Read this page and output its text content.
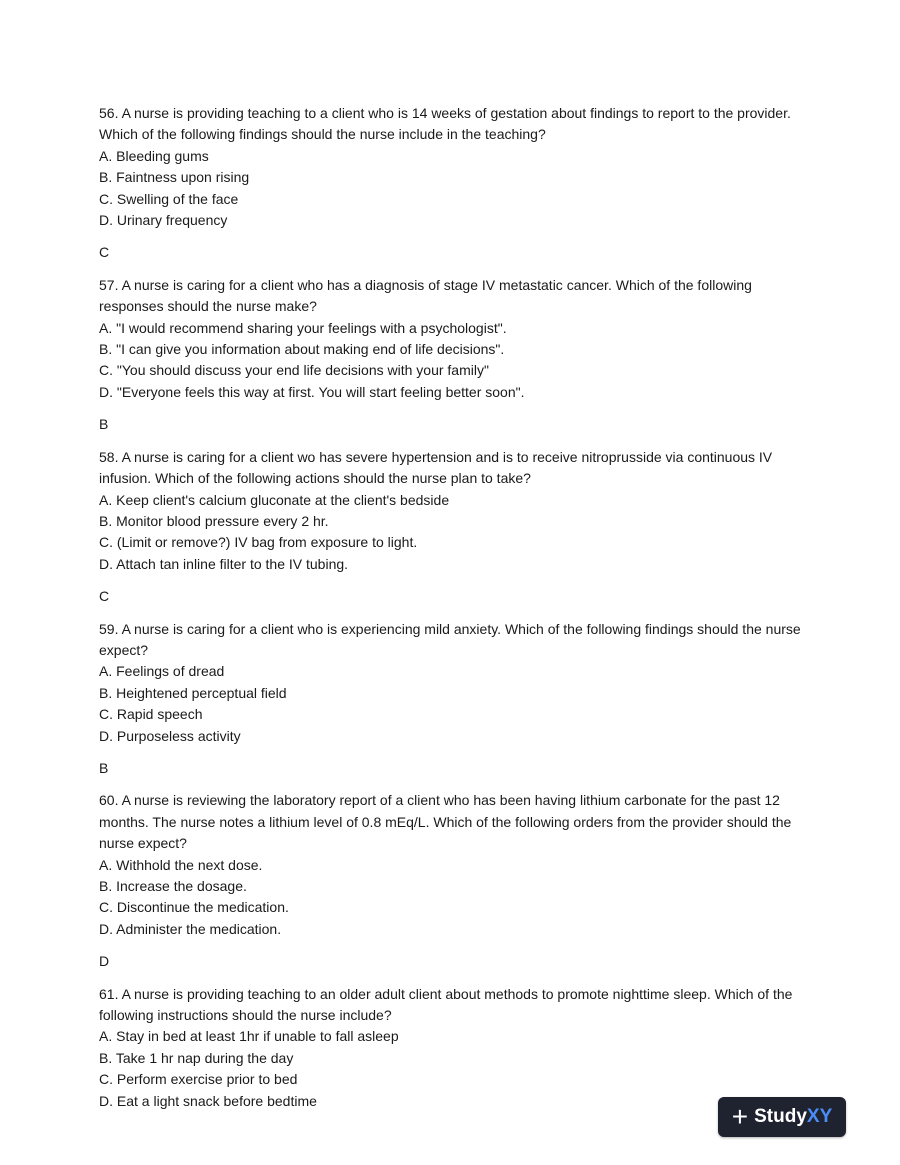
56. A nurse is providing teaching to a client who is 14 weeks of gestation about findings to report to the provider. Which of the following findings should the nurse include in the teaching?

A. Bleeding gums

B. Faintness upon rising

C. Swelling of the face

D. Urinary frequency

C

57. A nurse is caring for a client who has a diagnosis of stage IV metastatic cancer. Which of the following responses should the nurse make?

A. "I would recommend sharing your feelings with a psychologist".

B. "I can give you information about making end of life decisions".

C. "You should discuss your end life decisions with your family"

D. "Everyone feels this way at first. You will start feeling better soon".

B

58. A nurse is caring for a client wo has severe hypertension and is to receive nitroprusside via continuous IV infusion. Which of the following actions should the nurse plan to take?

A. Keep client's calcium gluconate at the client's bedside

B. Monitor blood pressure every 2 hr.

C. (Limit or remove?) IV bag from exposure to light.

D. Attach tan inline filter to the IV tubing.

C

59. A nurse is caring for a client who is experiencing mild anxiety. Which of the following findings should the nurse expect?

A. Feelings of dread

B. Heightened perceptual field

C. Rapid speech

D. Purposeless activity

B

60. A nurse is reviewing the laboratory report of a client who has been having lithium carbonate for the past 12 months. The nurse notes a lithium level of 0.8 mEq/L. Which of the following orders from the provider should the nurse expect?

A. Withhold the next dose.

B. Increase the dosage.

C. Discontinue the medication.

D. Administer the medication.

D

61. A nurse is providing teaching to an older adult client about methods to promote nighttime sleep. Which of the following instructions should the nurse include?

A. Stay in bed at least 1hr if unable to fall asleep

B. Take 1 hr nap during the day

C. Perform exercise prior to bed

D. Eat a light snack before bedtime

+ Study XY
